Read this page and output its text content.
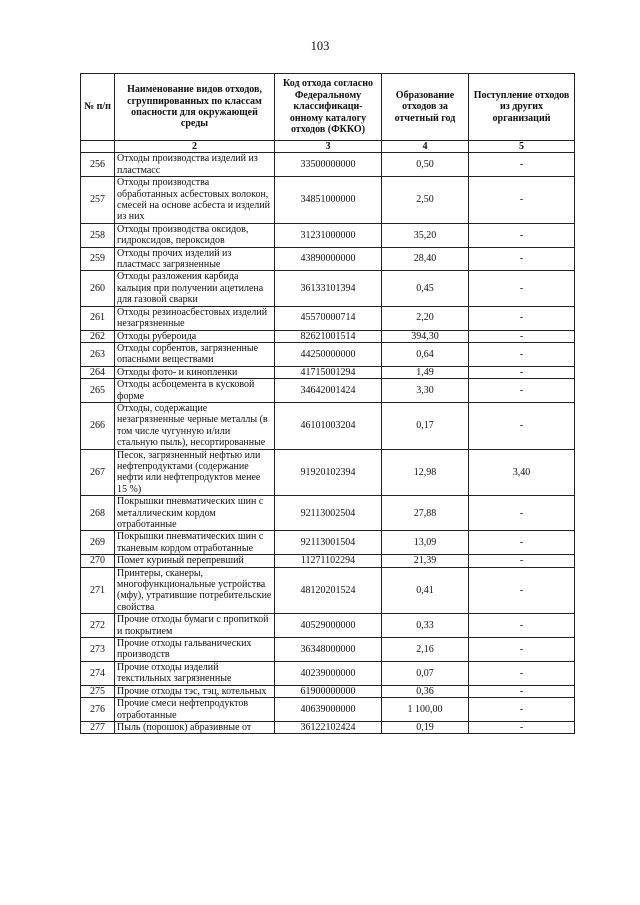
103
№ п/п	Наименование видов отходов, сгруппированных по классам опасности для окружающей среды	Код отхода согласно Федеральному классификаци-онному каталогу отходов (ФККО)	Образование отходов за отчетный год	Поступление отходов из других организаций
	2	3	4	5
256	Отходы производства изделий из пластмасс	33500000000	0,50	-
257	Отходы производства обработанных асбестовых волокон, смесей на основе асбеста и изделий из них	34851000000	2,50	-
258	Отходы производства оксидов, гидроксидов, пероксидов	31231000000	35,20	-
259	Отходы прочих изделий из пластмасс загрязненные	43890000000	28,40	-
260	Отходы разложения карбида кальция при получении ацетилена для газовой сварки	36133101394	0,45	-
261	Отходы резиноасбестовых изделий незагрязненные	45570000714	2,20	-
262	Отходы рубероида	82621001514	394,30	-
263	Отходы сорбентов, загрязненные опасными веществами	44250000000	0,64	-
264	Отходы фото- и кинопленки	41715001294	1,49	-
265	Отходы асбоцемента в кусковой форме	34642001424	3,30	-
266	Отходы, содержащие незагрязненные черные металлы (в том числе чугунную и/или стальную пыль), несортированные	46101003204	0,17	-
267	Песок, загрязненный нефтью или нефтепродуктами (содержание нефти или нефтепродуктов менее 15 %)	91920102394	12,98	3,40
268	Покрышки пневматических шин с металлическим кордом отработанные	92113002504	27,88	-
269	Покрышки пневматических шин с тканевым кордом отработанные	92113001504	13,09	-
270	Помет куриный перепревший	11271102294	21,39	-
271	Принтеры, сканеры, многофункциональные устройства (мфу), утратившие потребительские свойства	48120201524	0,41	-
272	Прочие отходы бумаги с пропиткой и покрытием	40529000000	0,33	-
273	Прочие отходы гальванических производств	36348000000	2,16	-
274	Прочие отходы изделий текстильных загрязненные	40239000000	0,07	-
275	Прочие отходы тэс, тэц, котельных	61900000000	0,36	-
276	Прочие смеси нефтепродуктов отработанные	40639000000	1 100,00	-
277	Пыль (порошок) абразивные от	36122102424	0,19	-
